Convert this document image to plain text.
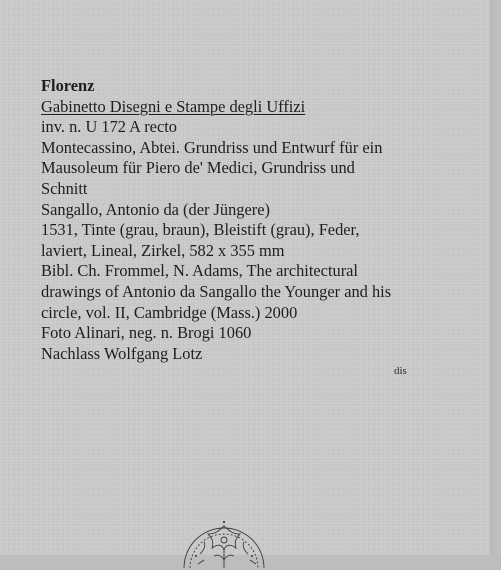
Florenz
Gabinetto Disegni e Stampe degli Uffizi
inv. n. U 172 A recto
Montecassino, Abtei. Grundriss und Entwurf für ein Mausoleum für Piero de' Medici, Grundriss und Schnitt
Sangallo, Antonio da (der Jüngere)
1531, Tinte (grau, braun), Bleistift (grau), Feder, laviert, Lineal, Zirkel, 582 x 355 mm
Bibl. Ch. Frommel, N. Adams, The architectural drawings of Antonio da Sangallo the Younger and his circle, vol. II, Cambridge (Mass.) 2000
Foto Alinari, neg. n. Brogi 1060
Nachlass Wolfgang Lotz
dis
